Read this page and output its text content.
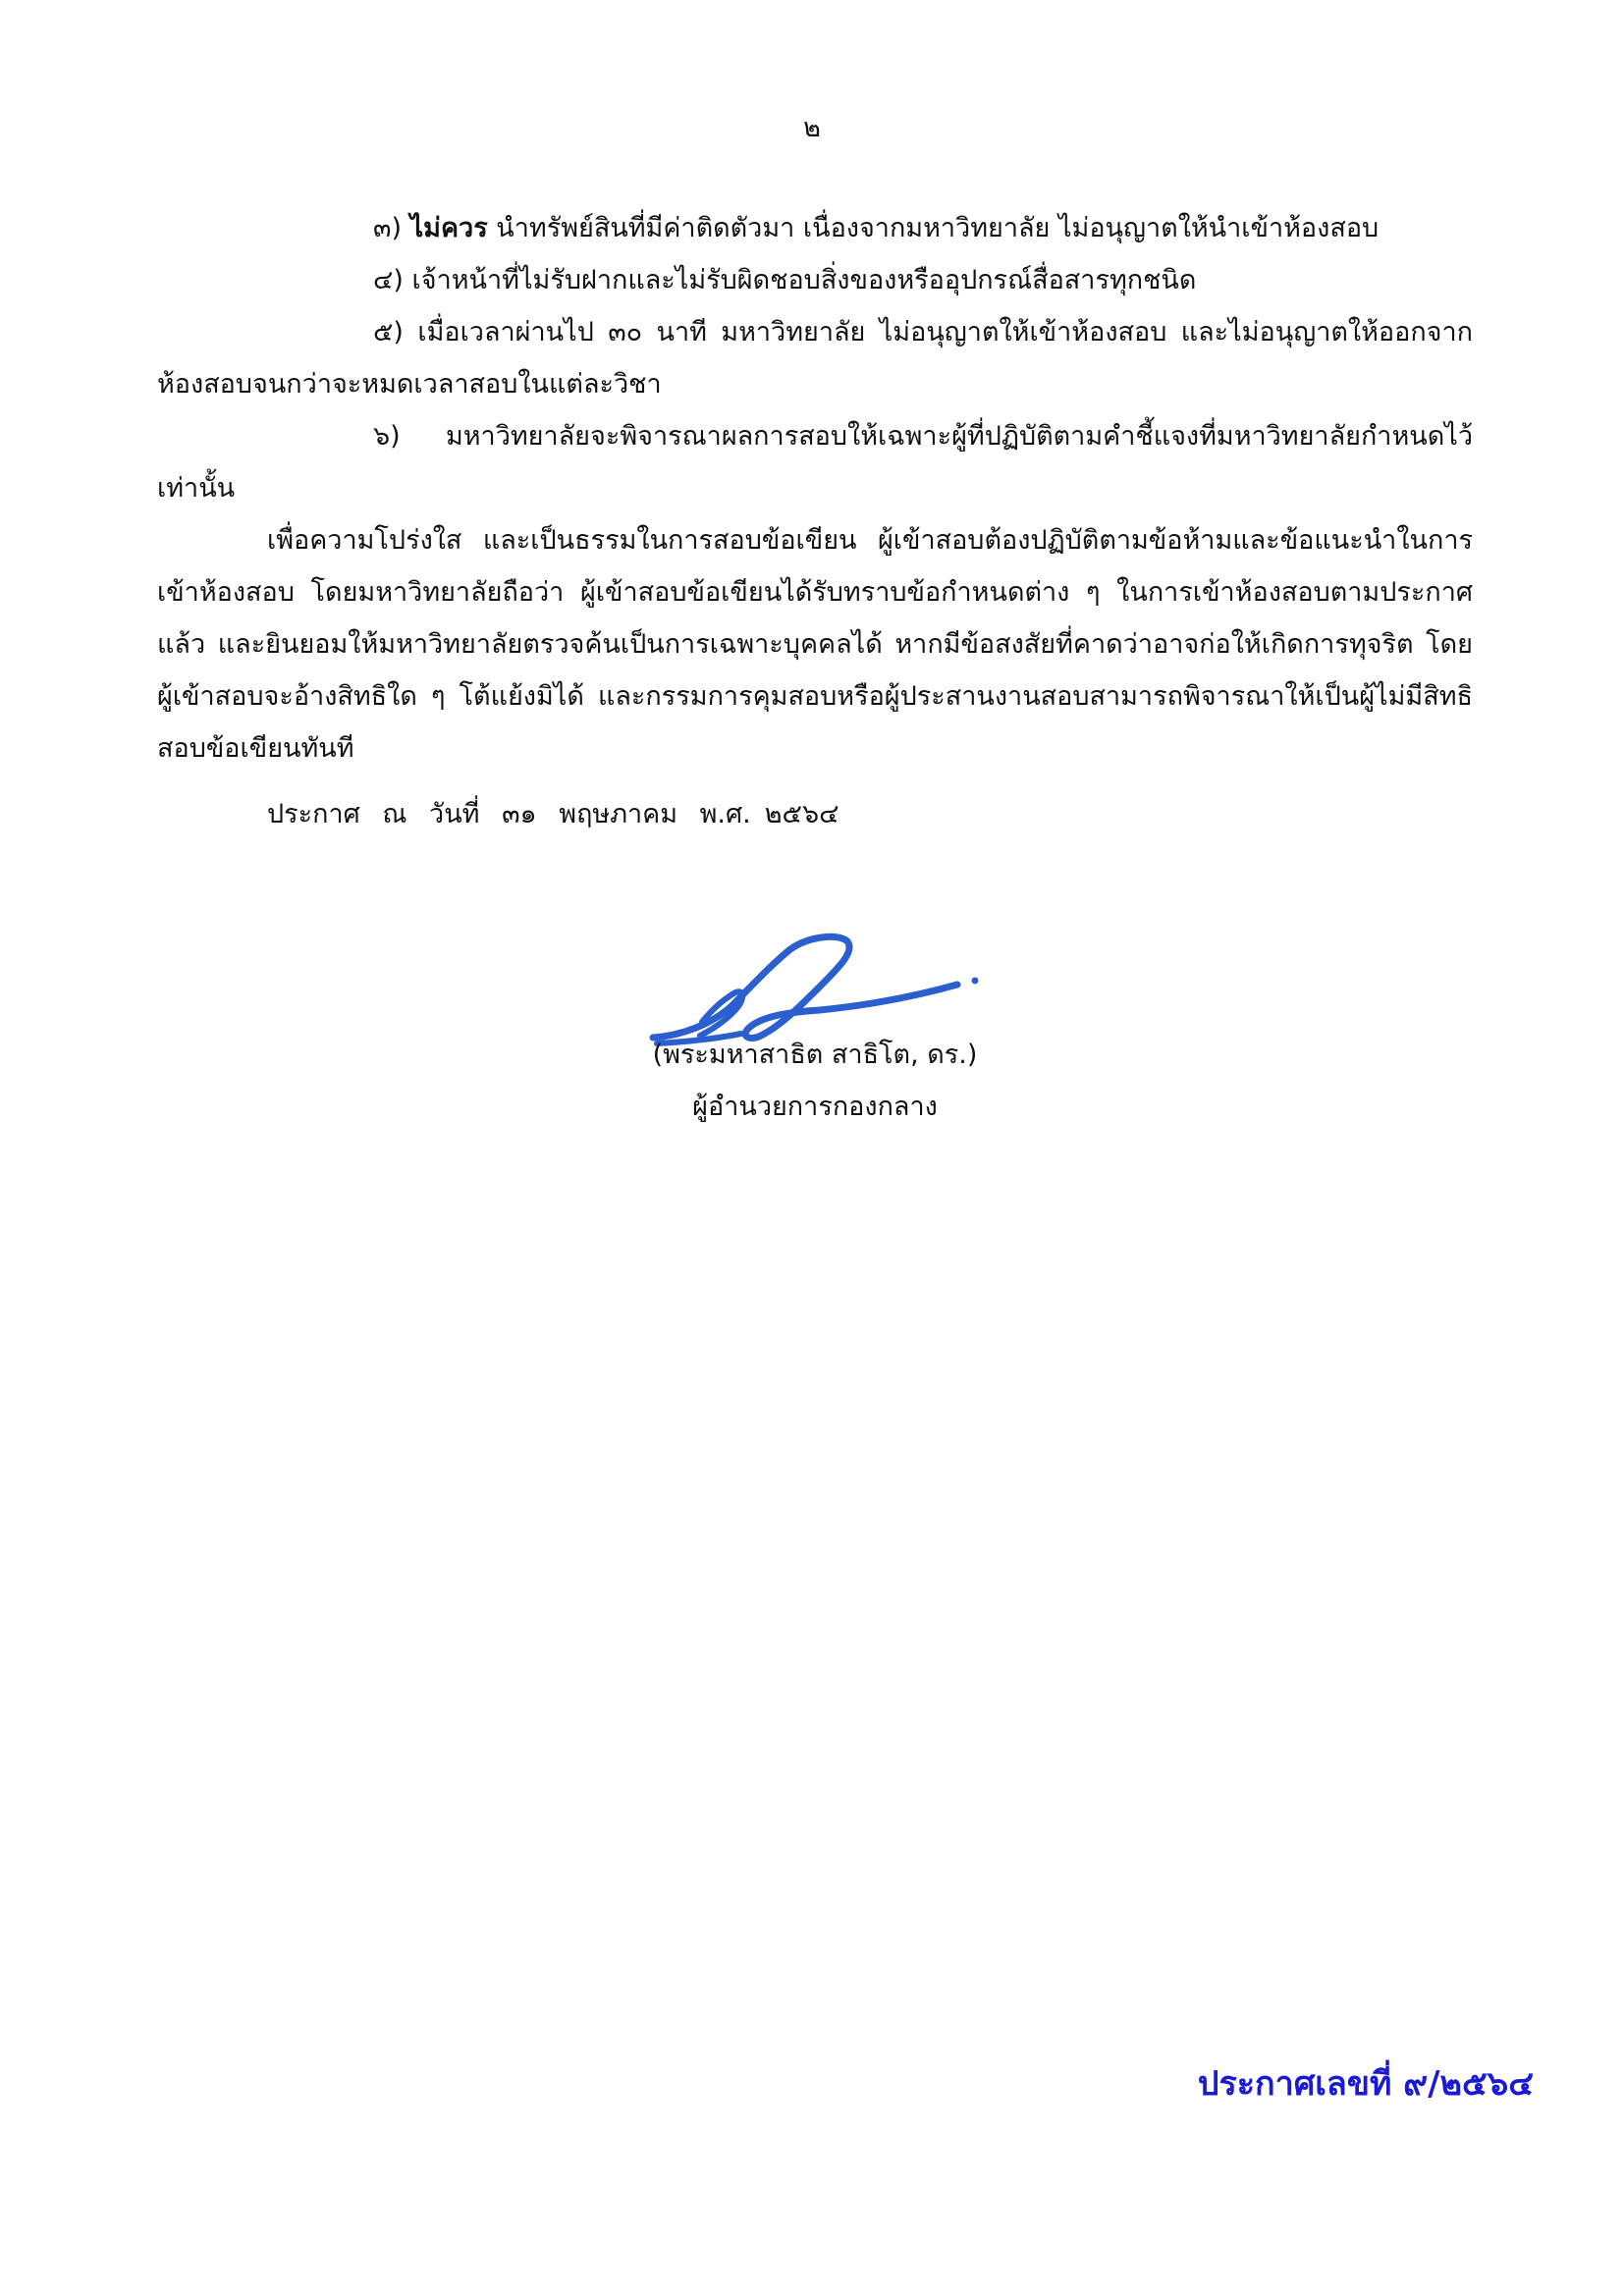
๒
๓) ไม่ควร นำทรัพย์สินที่มีค่าติดตัวมา เนื่องจากมหาวิทยาลัย ไม่อนุญาตให้นำเข้าห้องสอบ
๔) เจ้าหน้าที่ไม่รับฝากและไม่รับผิดชอบสิ่งของหรืออุปกรณ์สื่อสารทุกชนิด
๕) เมื่อเวลาผ่านไป ๓๐ นาที มหาวิทยาลัย ไม่อนุญาตให้เข้าห้องสอบ และไม่อนุญาตให้ออกจากห้องสอบจนกว่าจะหมดเวลาสอบในแต่ละวิชา
๖) มหาวิทยาลัยจะพิจารณาผลการสอบให้เฉพาะผู้ที่ปฏิบัติตามคำชี้แจงที่มหาวิทยาลัยกำหนดไว้เท่านั้น
เพื่อความโปร่งใส และเป็นธรรมในการสอบข้อเขียน ผู้เข้าสอบต้องปฏิบัติตามข้อห้ามและข้อแนะนำในการเข้าห้องสอบ โดยมหาวิทยาลัยถือว่า ผู้เข้าสอบข้อเขียนได้รับทราบข้อกำหนดต่าง ๆ ในการเข้าห้องสอบตามประกาศแล้ว และยินยอมให้มหาวิทยาลัยตรวจค้นเป็นการเฉพาะบุคคลได้ หากมีข้อสงสัยที่คาดว่าอาจก่อให้เกิดการทุจริต โดยผู้เข้าสอบจะอ้างสิทธิใด ๆ โต้แย้งมิได้ และกรรมการคุมสอบหรือผู้ประสานงานสอบสามารถพิจารณาให้เป็นผู้ไม่มีสิทธิสอบข้อเขียนทันที
ประกาศ ณ วันที่ ๓๑ พฤษภาคม พ.ศ. ๒๕๖๔
(พระมหาสาธิต สาธิโต, ดร.)
ผู้อำนวยการกองกลาง
ประกาศเลขที่ ๙/๒๕๖๔
